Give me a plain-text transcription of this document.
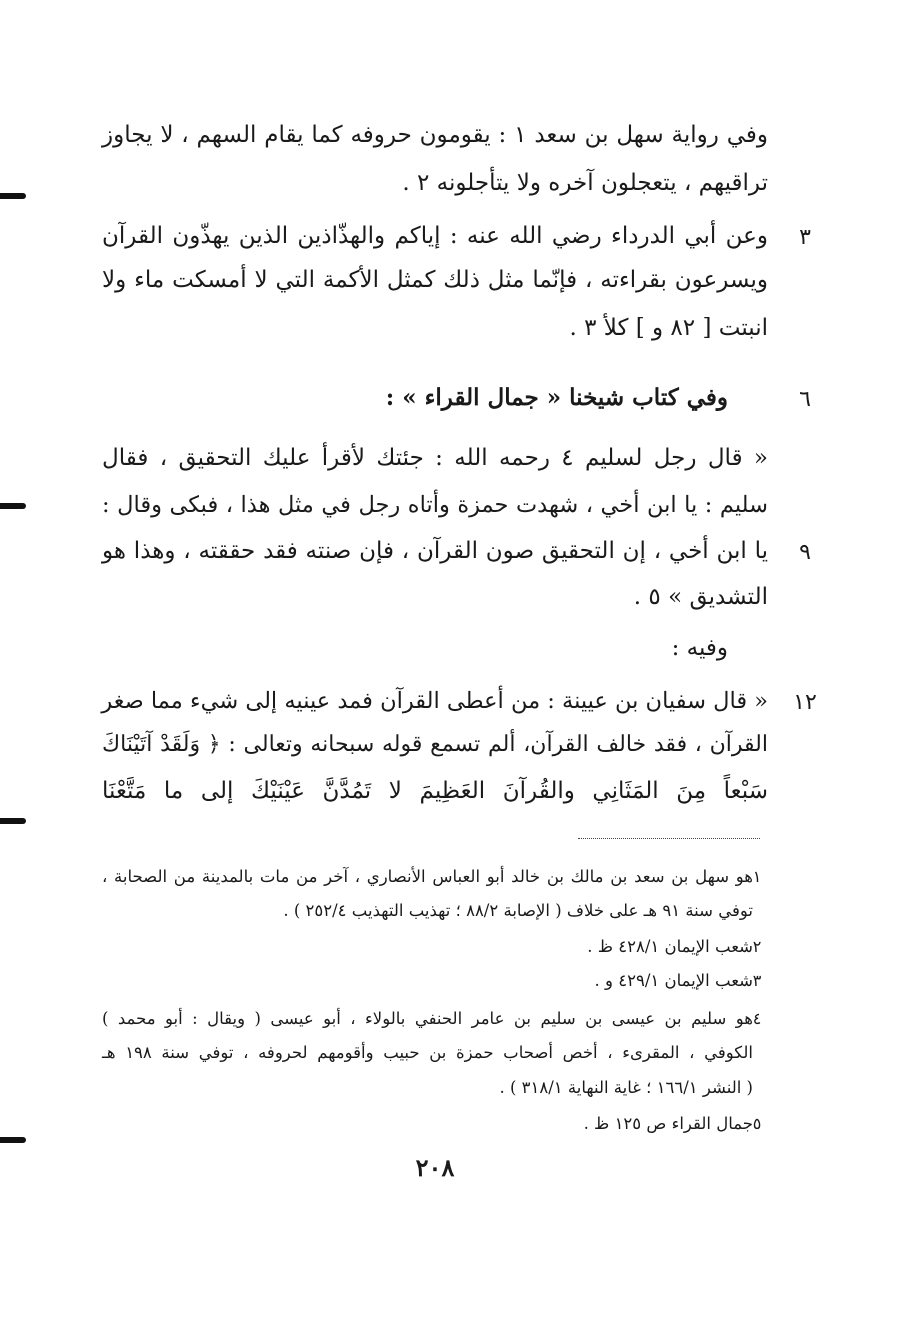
وفي رواية سهل بن سعد ١ : يقومون حروفه كما يقام السهم ، لا يجاوز
تراقيهم ، يتعجلون آخره ولا يتأجلونه ٢ .
٣
وعن أبي الدرداء رضي الله عنه : إياكم والهذّاذين الذين يهذّون القرآن
ويسرعون بقراءته ، فإنّما مثل ذلك كمثل الأكمة التي لا أمسكت ماء ولا
انبتت [ ٨٢ و ] كلأ ٣ .
٦
وفي كتاب شيخنا « جمال القراء » :
« قال رجل لسليم ٤ رحمه الله : جئتك لأقرأ عليك التحقيق ، فقال
سليم : يا ابن أخي ، شهدت حمزة وأتاه رجل في مثل هذا ، فبكى وقال :
٩
يا ابن أخي ، إن التحقيق صون القرآن ، فإن صنته فقد حققته ، وهذا هو
التشديق » ٥ .
وفيه :
١٢
« قال سفيان بن عيينة : من أعطى القرآن فمد عينيه إلى شيء مما صغر
القرآن ، فقد خالف القرآن، ألم تسمع قوله سبحانه وتعالى : ﴿ وَلَقَدْ آتَيْنَاكَ
سَبْعاً مِنَ المَثَانِي والقُرآنَ العَظِيمَ لا تَمُدَّنَّ عَيْنَيْكَ إلى ما مَتَّعْنَا
١
هو سهل بن سعد بن مالك بن خالد أبو العباس الأنصاري ، آخر من مات بالمدينة من الصحابة ،
توفي سنة ٩١ هـ على خلاف ( الإصابة ٨٨/٢ ؛ تهذيب التهذيب ٢٥٢/٤ ) .
٢
شعب الإيمان ٤٢٨/١ ظ .
٣
شعب الإيمان ٤٢٩/١ و .
٤
هو سليم بن عيسى بن سليم بن عامر الحنفي بالولاء ، أبو عيسى ( ويقال : أبو محمد )
الكوفي ، المقرىء ، أخص أصحاب حمزة بن حبيب وأقومهم لحروفه ، توفي سنة ١٩٨ هـ
( النشر ١٦٦/١ ؛ غاية النهاية ٣١٨/١ ) .
٥
جمال القراء ص ١٢٥ ظ .
٢٠٨
